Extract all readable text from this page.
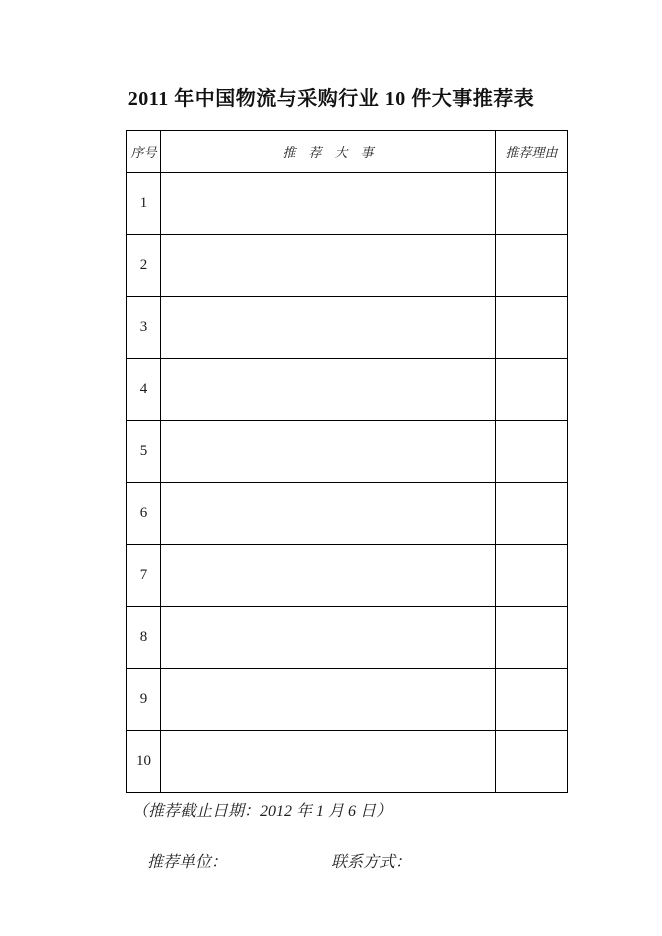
2011 年中国物流与采购行业 10 件大事推荐表
序号	推　荐　大　事	推荐理由
1		
2		
3		
4		
5		
6		
7		
8		
9		
10		
（推荐截止日期：2012 年 1 月 6 日）

推荐单位：	联系方式：
